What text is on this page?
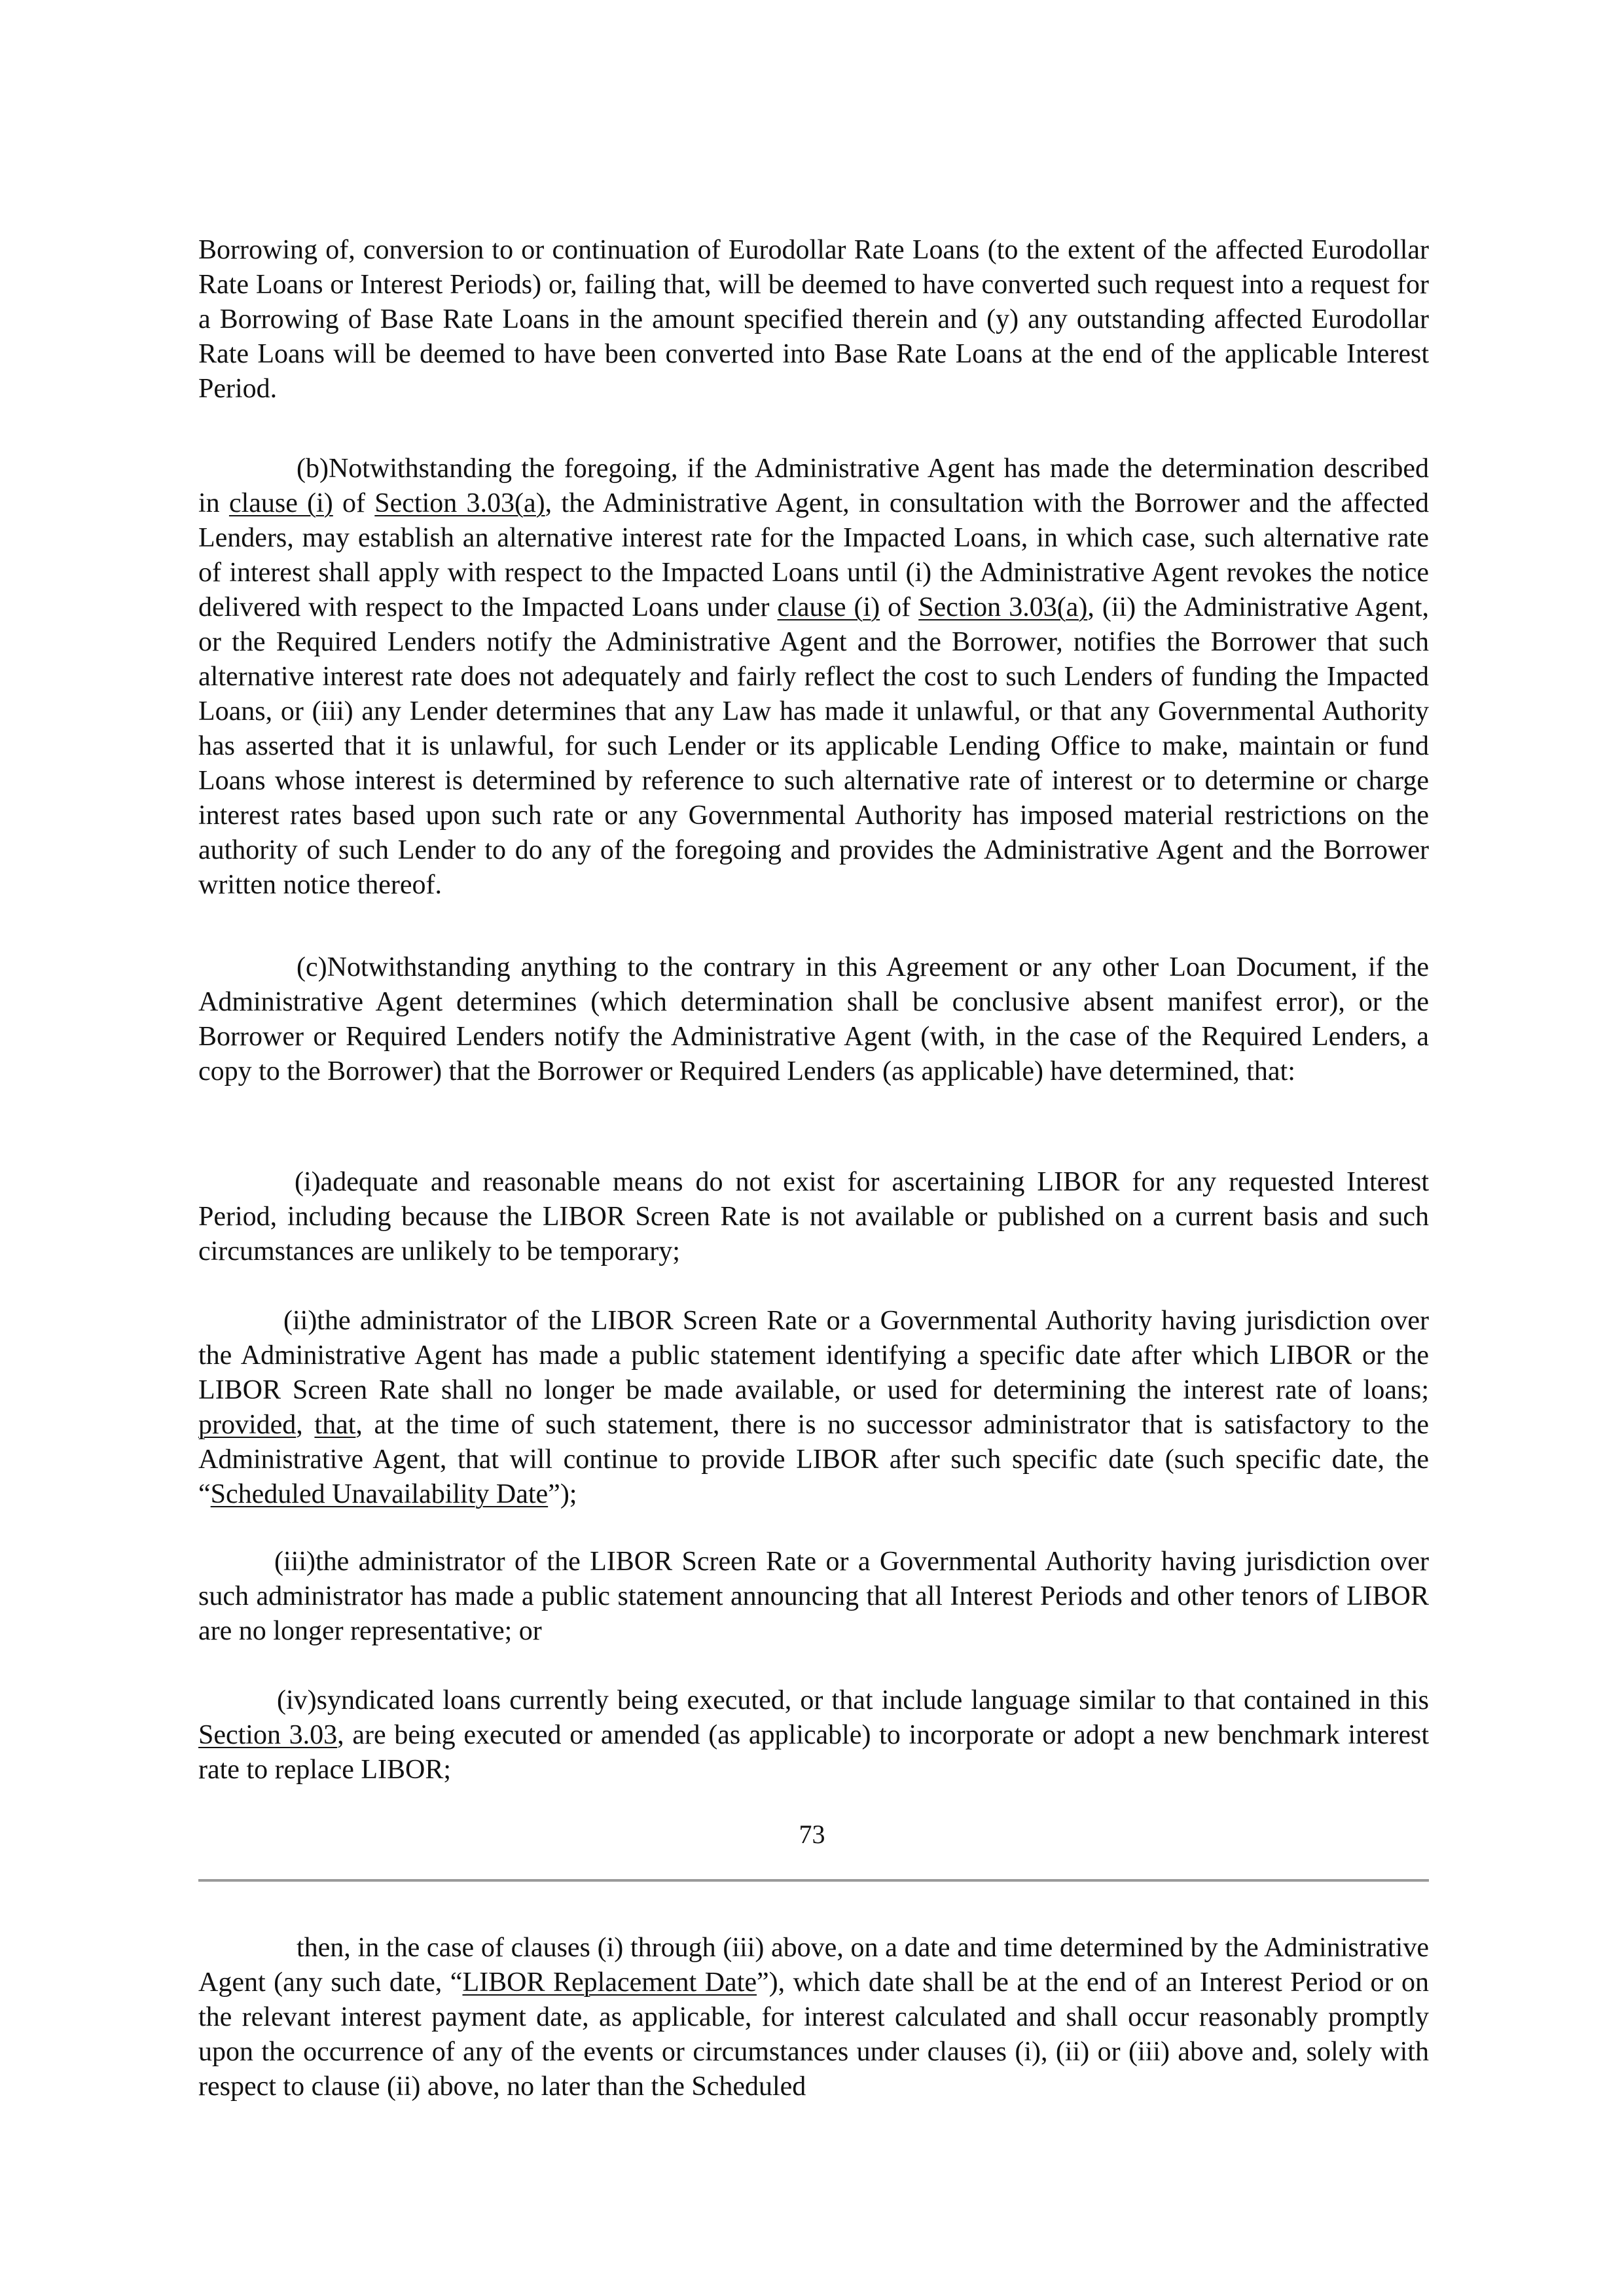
Borrowing of, conversion to or continuation of Eurodollar Rate Loans (to the extent of the affected Eurodollar Rate Loans or Interest Periods) or, failing that, will be deemed to have converted such request into a request for a Borrowing of Base Rate Loans in the amount specified therein and (y) any outstanding affected Eurodollar Rate Loans will be deemed to have been converted into Base Rate Loans at the end of the applicable Interest Period.

(b)Notwithstanding the foregoing, if the Administrative Agent has made the determination described in clause (i) of Section 3.03(a), the Administrative Agent, in consultation with the Borrower and the affected Lenders, may establish an alternative interest rate for the Impacted Loans, in which case, such alternative rate of interest shall apply with respect to the Impacted Loans until (i) the Administrative Agent revokes the notice delivered with respect to the Impacted Loans under clause (i) of Section 3.03(a), (ii) the Administrative Agent, or the Required Lenders notify the Administrative Agent and the Borrower, notifies the Borrower that such alternative interest rate does not adequately and fairly reflect the cost to such Lenders of funding the Impacted Loans, or (iii) any Lender determines that any Law has made it unlawful, or that any Governmental Authority has asserted that it is unlawful, for such Lender or its applicable Lending Office to make, maintain or fund Loans whose interest is determined by reference to such alternative rate of interest or to determine or charge interest rates based upon such rate or any Governmental Authority has imposed material restrictions on the authority of such Lender to do any of the foregoing and provides the Administrative Agent and the Borrower written notice thereof.

(c)Notwithstanding anything to the contrary in this Agreement or any other Loan Document, if the Administrative Agent determines (which determination shall be conclusive absent manifest error), or the Borrower or Required Lenders notify the Administrative Agent (with, in the case of the Required Lenders, a copy to the Borrower) that the Borrower or Required Lenders (as applicable) have determined, that:

(i)adequate and reasonable means do not exist for ascertaining LIBOR for any requested Interest Period, including because the LIBOR Screen Rate is not available or published on a current basis and such circumstances are unlikely to be temporary;

(ii)the administrator of the LIBOR Screen Rate or a Governmental Authority having jurisdiction over the Administrative Agent has made a public statement identifying a specific date after which LIBOR or the LIBOR Screen Rate shall no longer be made available, or used for determining the interest rate of loans; provided, that, at the time of such statement, there is no successor administrator that is satisfactory to the Administrative Agent, that will continue to provide LIBOR after such specific date (such specific date, the “Scheduled Unavailability Date”);

(iii)the administrator of the LIBOR Screen Rate or a Governmental Authority having jurisdiction over such administrator has made a public statement announcing that all Interest Periods and other tenors of LIBOR are no longer representative; or

(iv)syndicated loans currently being executed, or that include language similar to that contained in this Section 3.03, are being executed or amended (as applicable) to incorporate or adopt a new benchmark interest rate to replace LIBOR;

73

then, in the case of clauses (i) through (iii) above, on a date and time determined by the Administrative Agent (any such date, “LIBOR Replacement Date”), which date shall be at the end of an Interest Period or on the relevant interest payment date, as applicable, for interest calculated and shall occur reasonably promptly upon the occurrence of any of the events or circumstances under clauses (i), (ii) or (iii) above and, solely with respect to clause (ii) above, no later than the Scheduled
